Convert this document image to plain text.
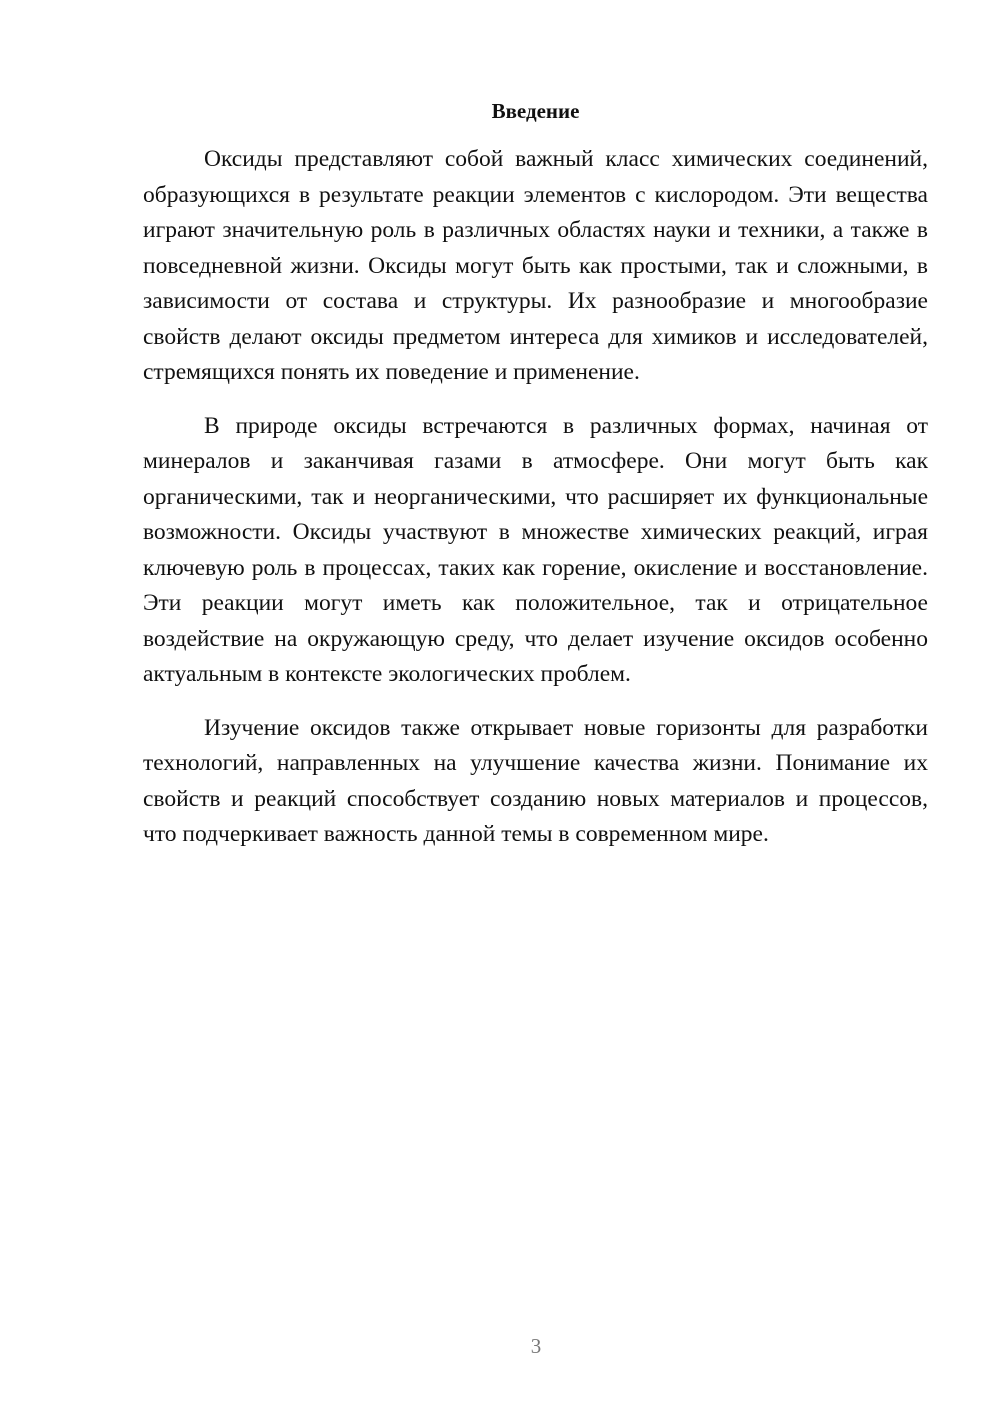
Введение

Оксиды представляют собой важный класс химических соединений, образующихся в результате реакции элементов с кислородом. Эти вещества играют значительную роль в различных областях науки и техники, а также в повседневной жизни. Оксиды могут быть как простыми, так и сложными, в зависимости от состава и структуры. Их разнообразие и многообразие свойств делают оксиды предметом интереса для химиков и исследователей, стремящихся понять их поведение и применение.

В природе оксиды встречаются в различных формах, начиная от минералов и заканчивая газами в атмосфере. Они могут быть как органическими, так и неорганическими, что расширяет их функциональные возможности. Оксиды участвуют в множестве химических реакций, играя ключевую роль в процессах, таких как горение, окисление и восстановление. Эти реакции могут иметь как положительное, так и отрицательное воздействие на окружающую среду, что делает изучение оксидов особенно актуальным в контексте экологических проблем.

Изучение оксидов также открывает новые горизонты для разработки технологий, направленных на улучшение качества жизни. Понимание их свойств и реакций способствует созданию новых материалов и процессов, что подчеркивает важность данной темы в современном мире.

3
